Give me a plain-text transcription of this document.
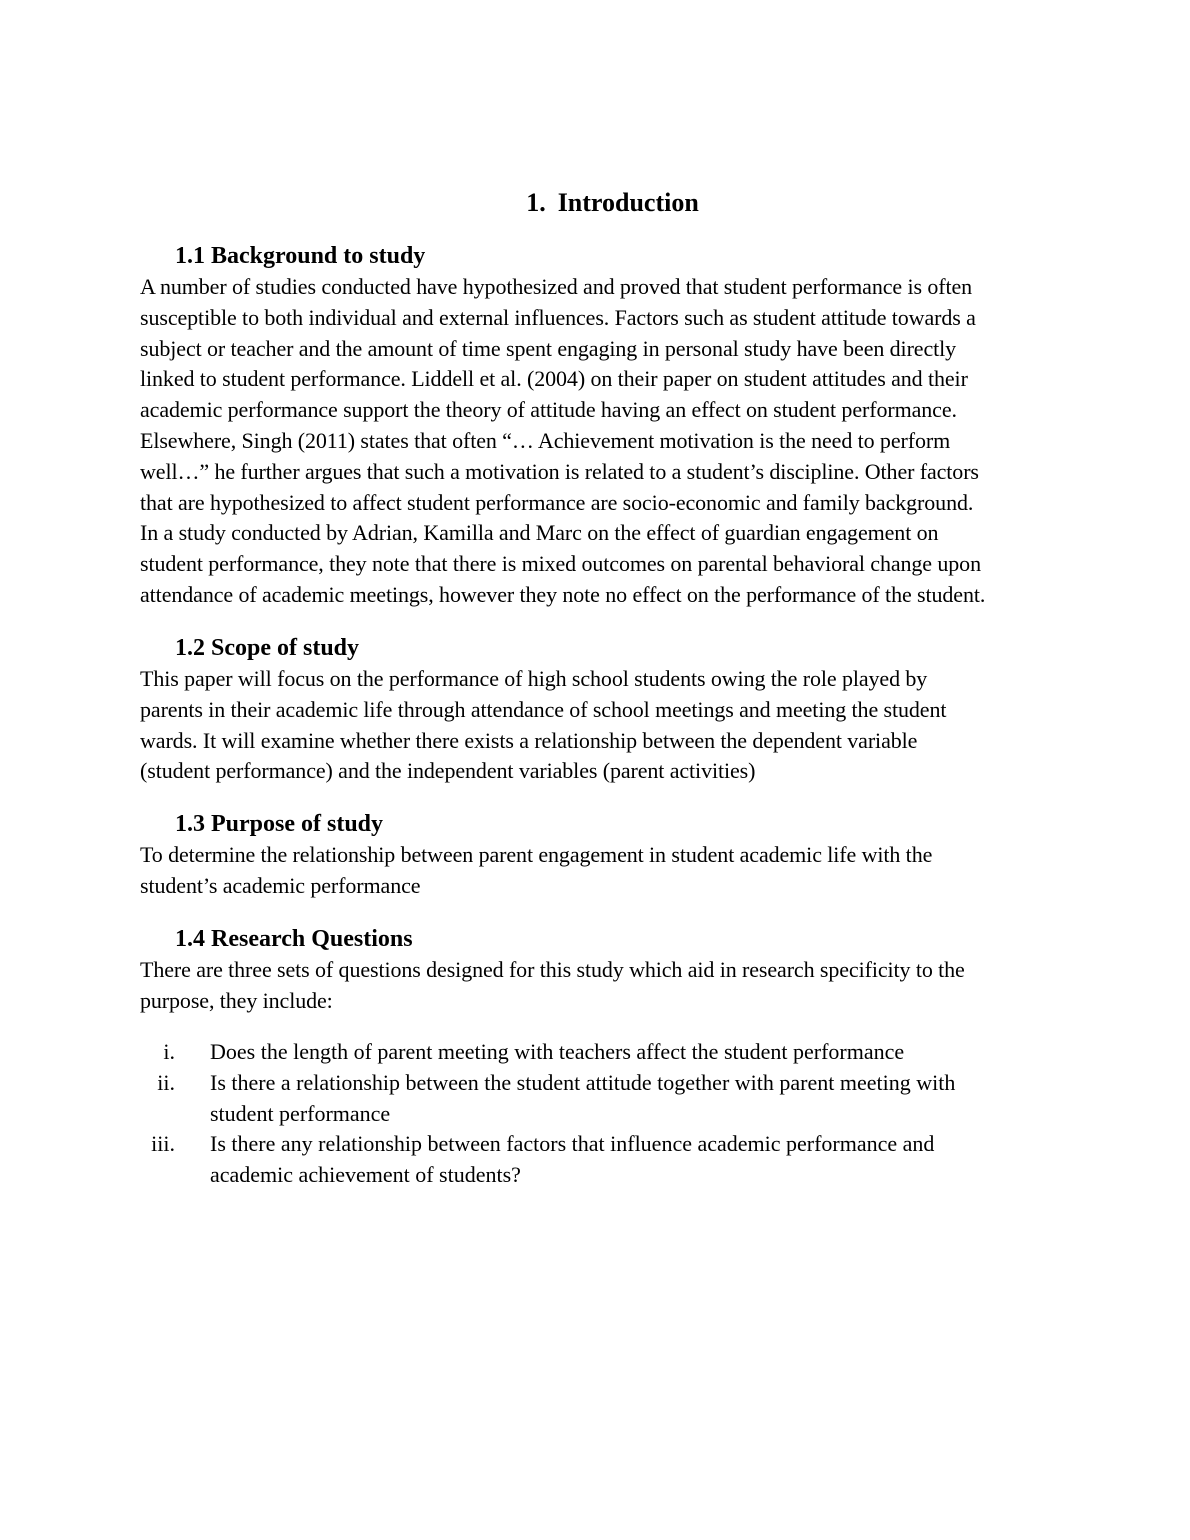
1. Introduction
1.1 Background to study

A number of studies conducted have hypothesized and proved that student performance is often
susceptible to both individual and external influences. Factors such as student attitude towards a
subject or teacher and the amount of time spent engaging in personal study have been directly
linked to student performance. Liddell et al. (2004) on their paper on student attitudes and their
academic performance support the theory of attitude having an effect on student performance.
Elsewhere, Singh (2011) states that often “… Achievement motivation is the need to perform
well…” he further argues that such a motivation is related to a student’s discipline. Other factors
that are hypothesized to affect student performance are socio-economic and family background.
In a study conducted by Adrian, Kamilla and Marc on the effect of guardian engagement on
student performance, they note that there is mixed outcomes on parental behavioral change upon
attendance of academic meetings, however they note no effect on the performance of the student.

1.2 Scope of study

This paper will focus on the performance of high school students owing the role played by
parents in their academic life through attendance of school meetings and meeting the student
wards. It will examine whether there exists a relationship between the dependent variable
(student performance) and the independent variables (parent activities)

1.3 Purpose of study

To determine the relationship between parent engagement in student academic life with the
student’s academic performance

1.4 Research Questions

There are three sets of questions designed for this study which aid in research specificity to the
purpose, they include:

i. Does the length of parent meeting with teachers affect the student performance
ii. Is there a relationship between the student attitude together with parent meeting with
student performance
iii. Is there any relationship between factors that influence academic performance and
academic achievement of students?
